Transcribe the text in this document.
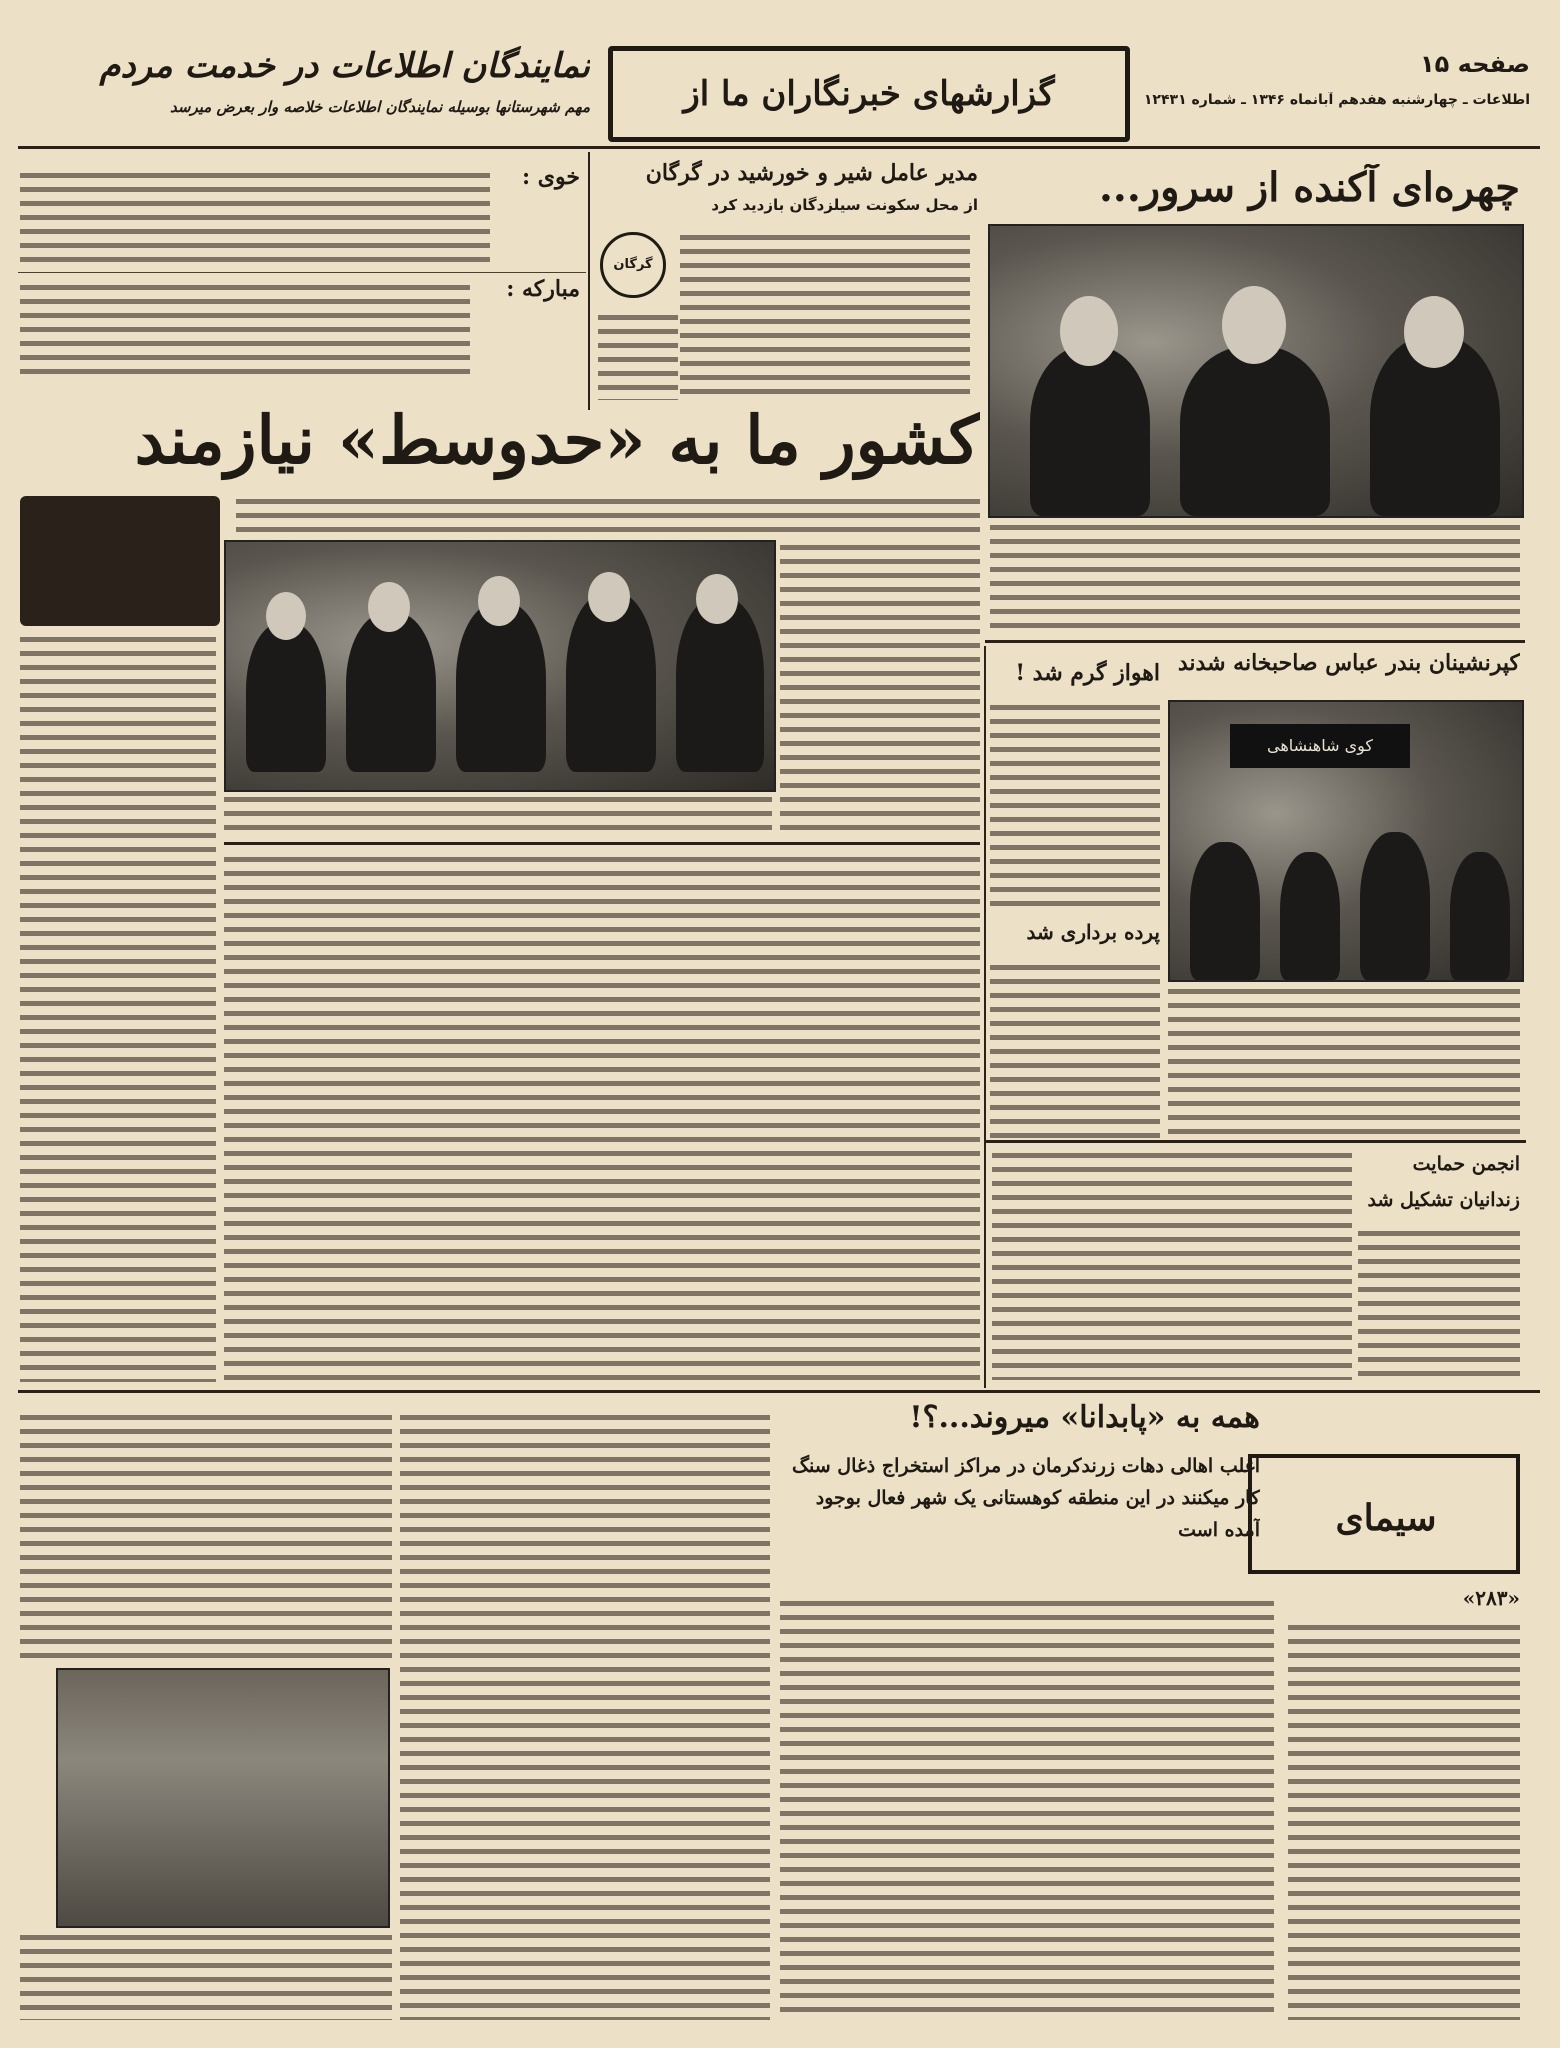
صفحه ۱۵
اطلاعات ـ چهارشنبه هفدهم آبانماه ۱۳۴۶ ـ شماره ۱۲۴۳۱
گزارشهای خبرنگاران ما از
نمایندگان اطلاعات در خدمت مردم
مهم شهرستانها بوسیله نمایندگان اطلاعات خلاصه وار بعرض میرسد
چهره‌ای آکنده از سرور...
مدیر عامل شیر و خورشید در گرگان
از محل سکونت سیلزدگان بازدید کرد
گرگان
خوی :
مبارکه :
کشور ما به «حدوسط» نیازمند
کپرنشینان بندر عباس صاحبخانه شدند
کوی شاهنشاهی
اهواز گرم شد !
پرده برداری شد
انجمن حمایت زندانیان تشکیل شد
همه به «پابدانا» میروند...؟!
اغلب اهالی دهات زرندکرمان در مراکز استخراج ذغال سنگ کار میکنند در این منطقه کوهستانی یک شهر فعال بوجود آمده است	سیمای
«۲۸۳»
